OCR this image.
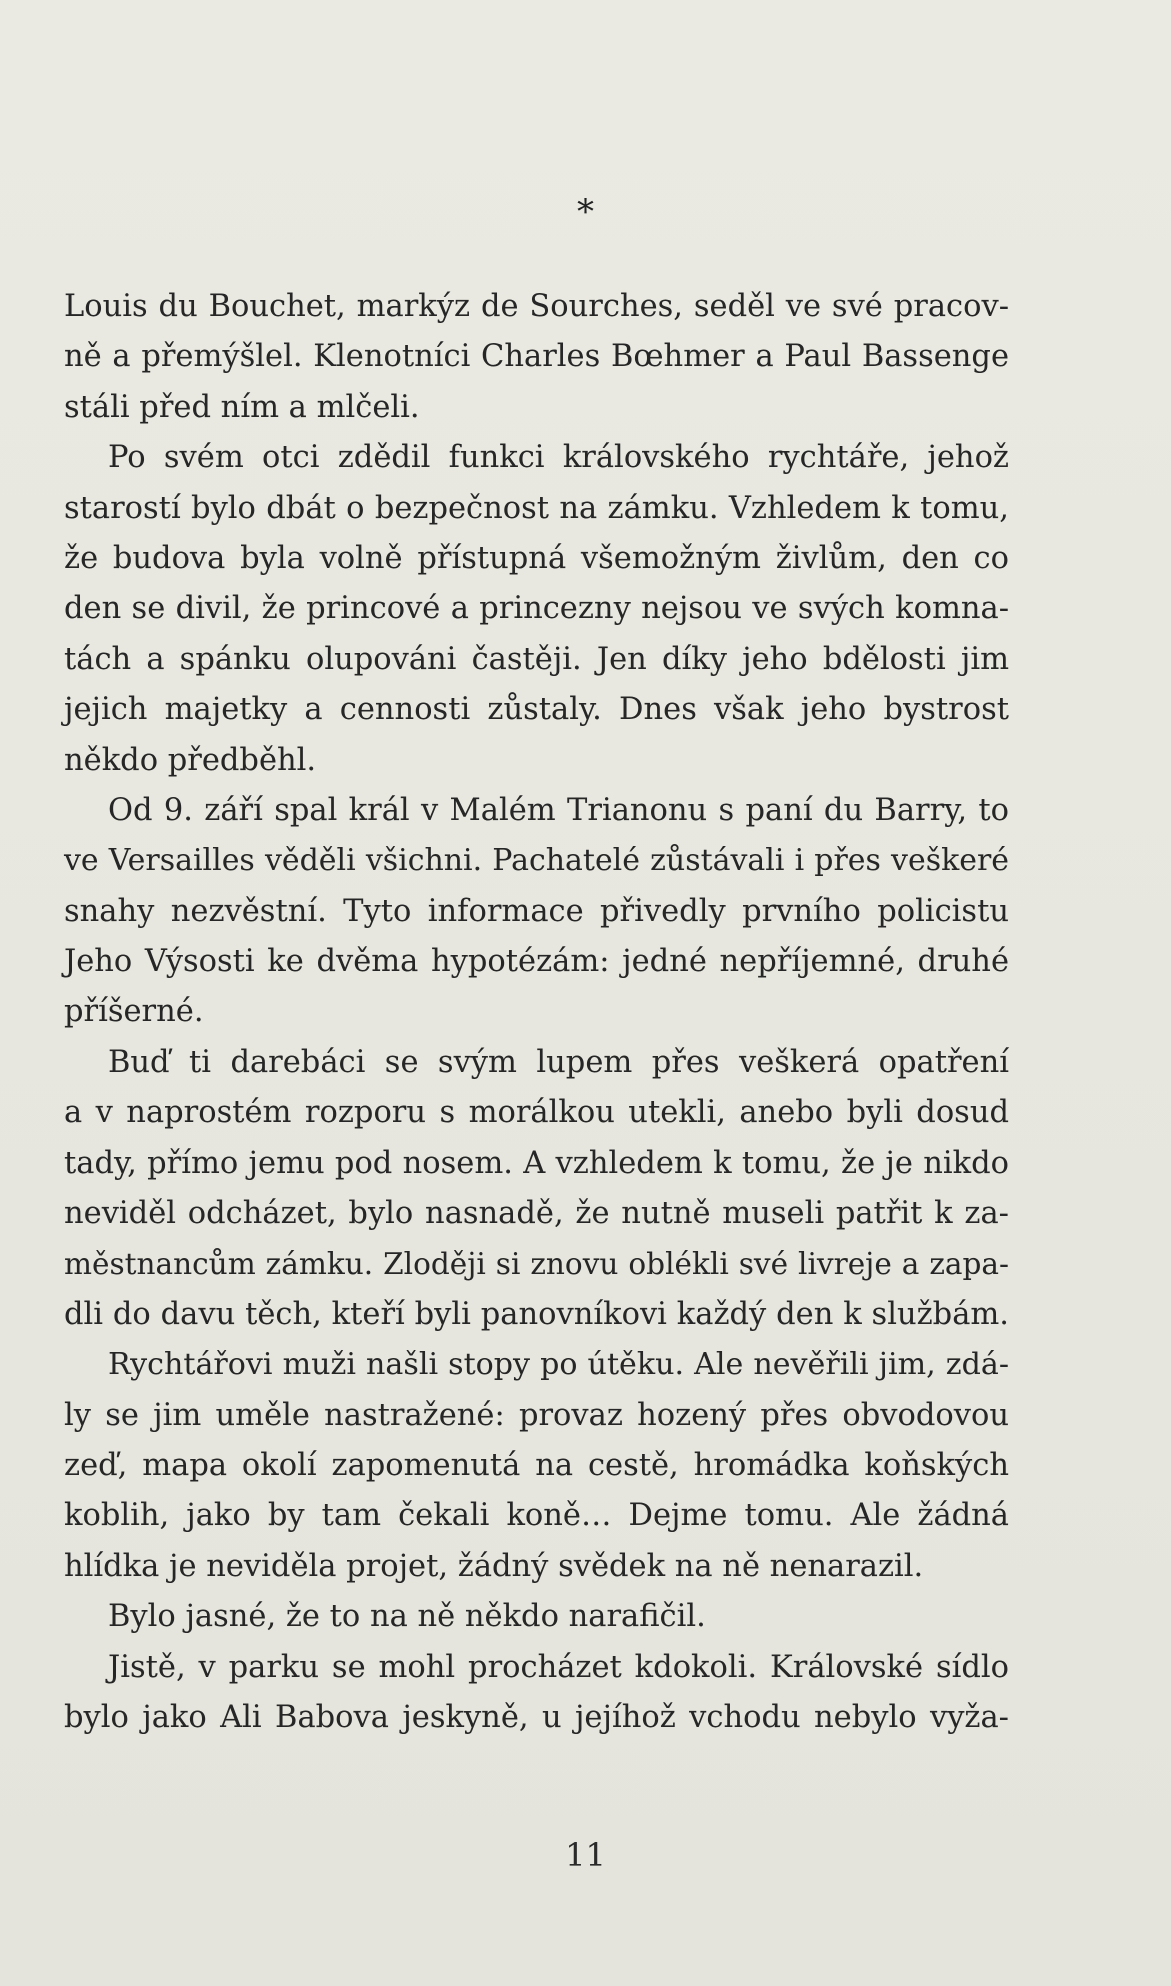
*
Louis du Bouchet, markýz de Sourches, seděl ve své pracov-
ně a přemýšlel. Klenotníci Charles Bœhmer a Paul Bassenge
stáli před ním a mlčeli.
Po svém otci zdědil funkci královského rychtáře, jehož
starostí bylo dbát o bezpečnost na zámku. Vzhledem k tomu,
že budova byla volně přístupná všemožným živlům, den co
den se divil, že princové a princezny nejsou ve svých komna-
tách a spánku olupováni častěji. Jen díky jeho bdělosti jim
jejich majetky a cennosti zůstaly. Dnes však jeho bystrost
někdo předběhl.
Od 9. září spal král v Malém Trianonu s paní du Barry, to
ve Versailles věděli všichni. Pachatelé zůstávali i přes veškeré
snahy nezvěstní. Tyto informace přivedly prvního policistu
Jeho Výsosti ke dvěma hypotézám: jedné nepříjemné, druhé
příšerné.
Buď ti darebáci se svým lupem přes veškerá opatření
a v naprostém rozporu s morálkou utekli, anebo byli dosud
tady, přímo jemu pod nosem. A vzhledem k tomu, že je nikdo
neviděl odcházet, bylo nasnadě, že nutně museli patřit k za-
městnancům zámku. Zloději si znovu oblékli své livreje a zapa-
dli do davu těch, kteří byli panovníkovi každý den k službám.
Rychtářovi muži našli stopy po útěku. Ale nevěřili jim, zdá-
ly se jim uměle nastražené: provaz hozený přes obvodovou
zeď, mapa okolí zapomenutá na cestě, hromádka koňských
koblih, jako by tam čekali koně… Dejme tomu. Ale žádná
hlídka je neviděla projet, žádný svědek na ně nenarazil.
Bylo jasné, že to na ně někdo narafičil.
Jistě, v parku se mohl procházet kdokoli. Královské sídlo
bylo jako Ali Babova jeskyně, u jejíhož vchodu nebylo vyža-
11
